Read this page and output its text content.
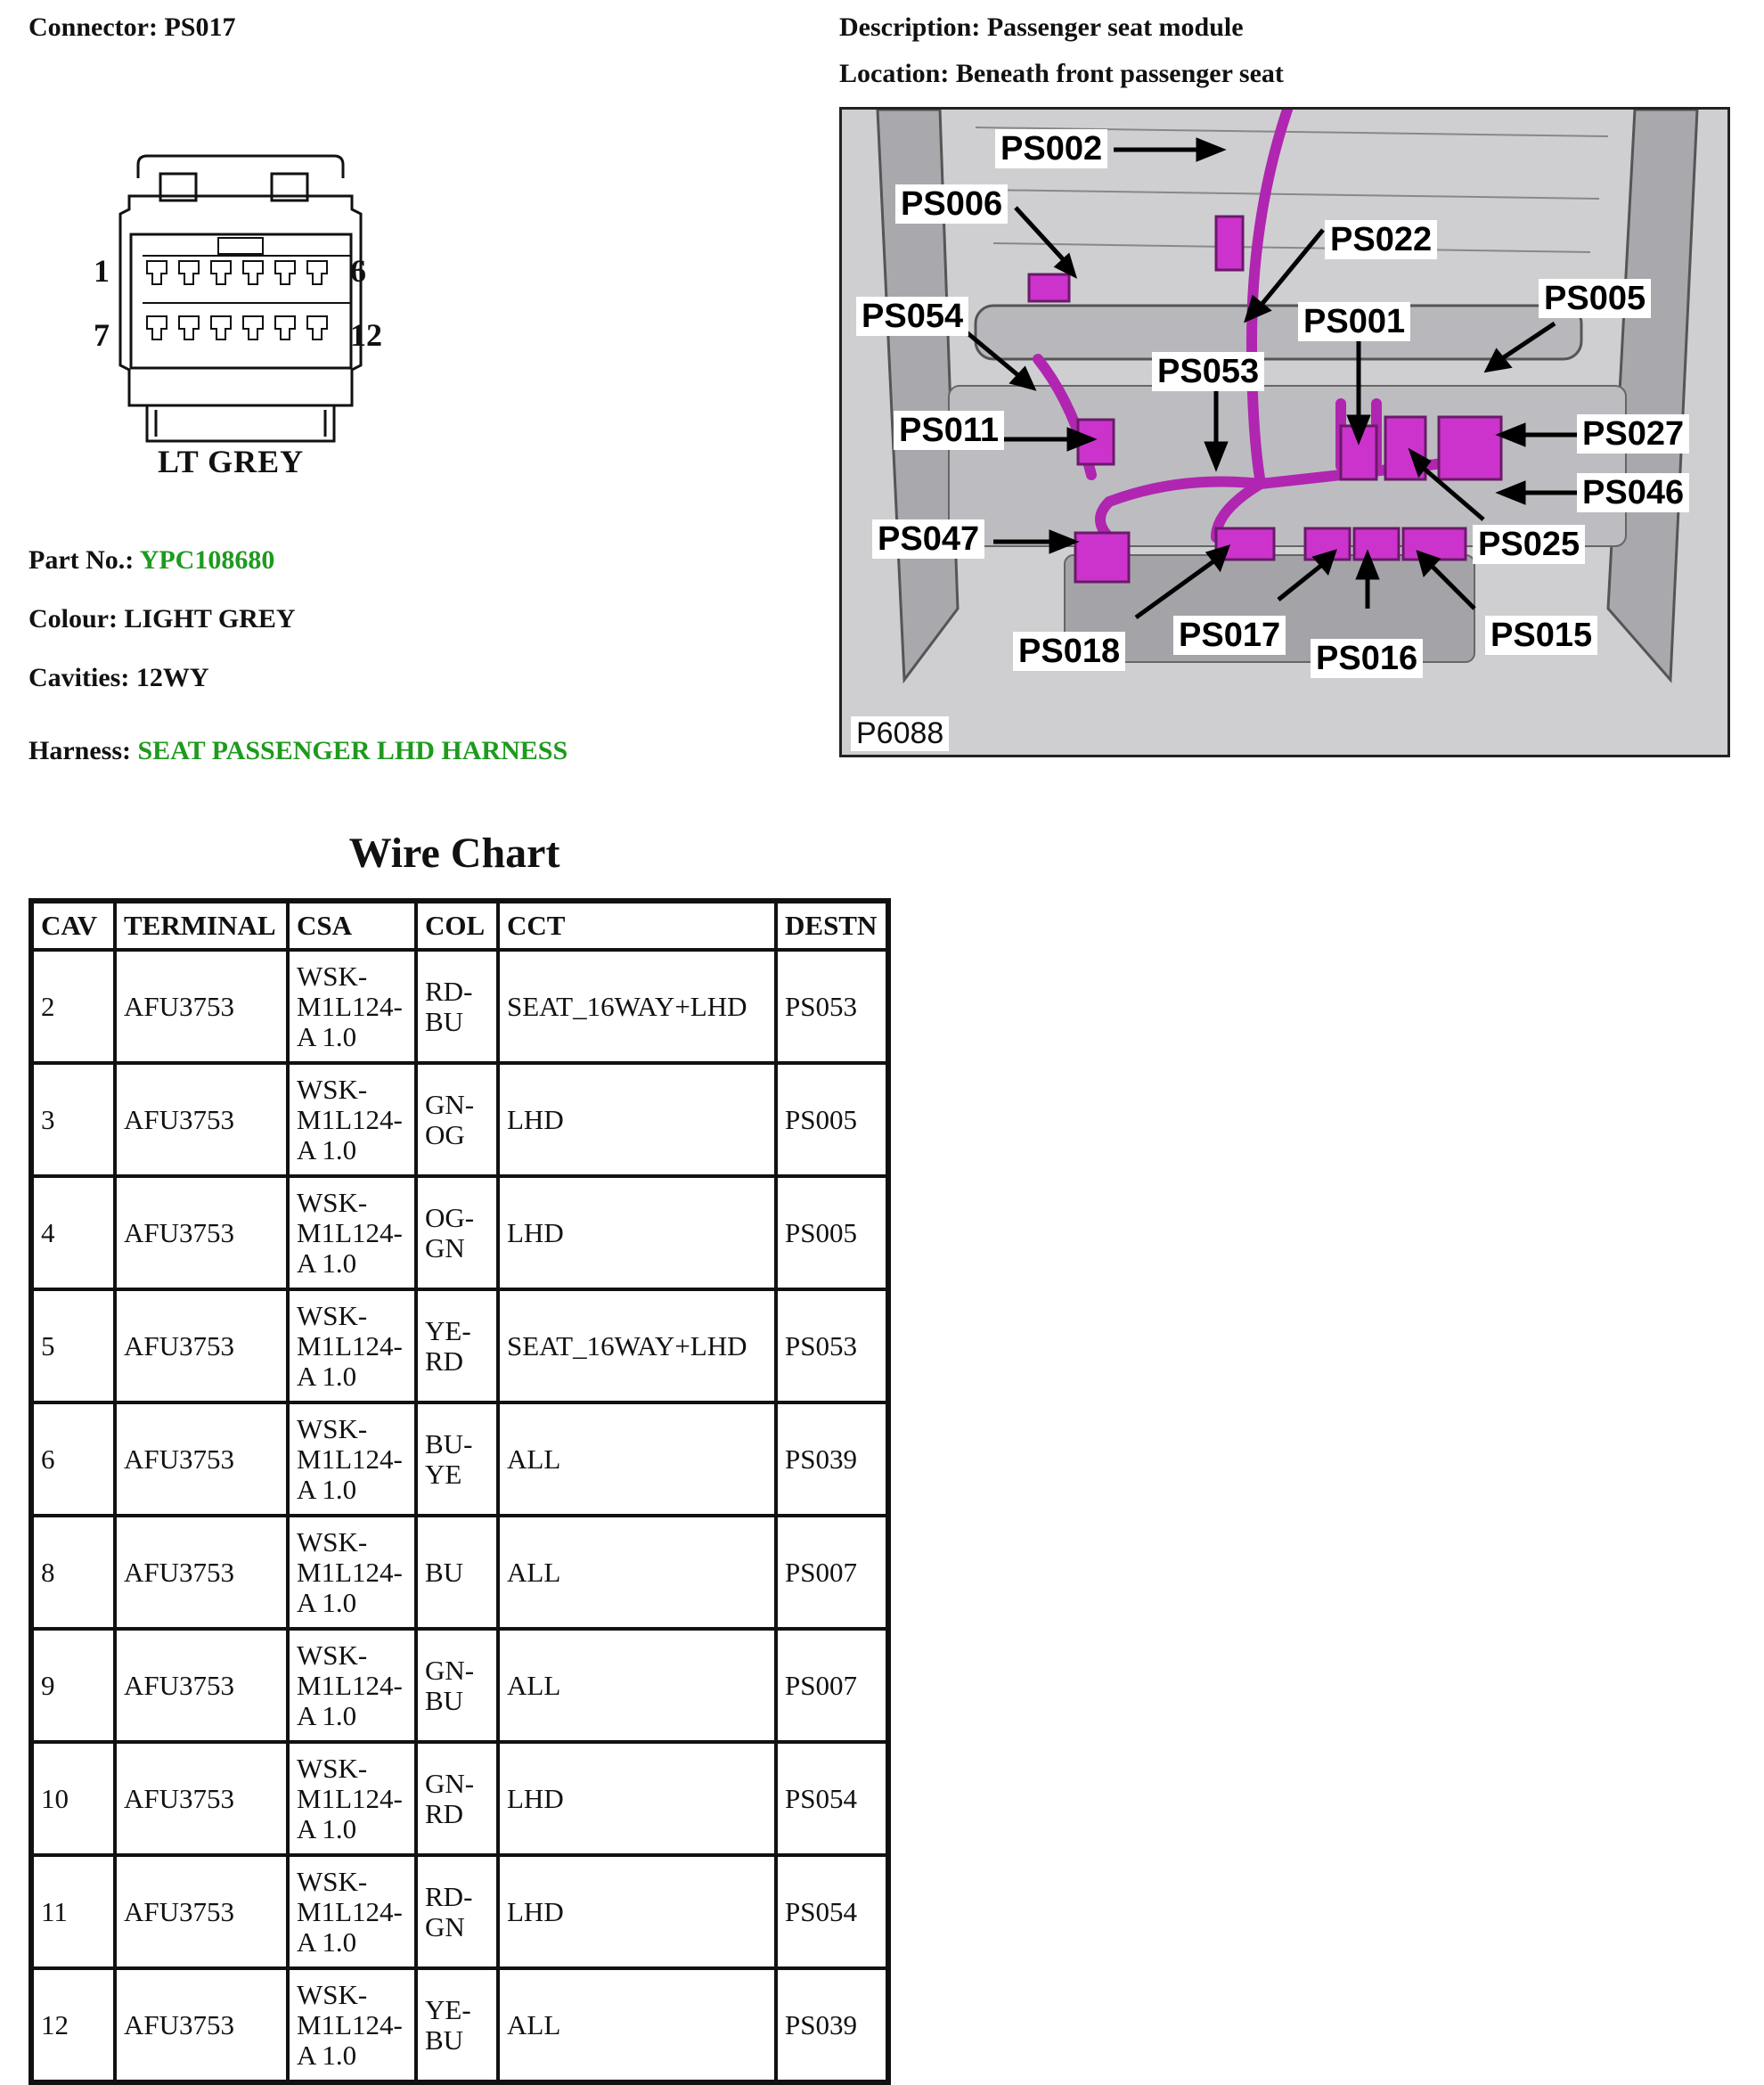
Connector: PS017	Description: Passenger seat module
Location: Beneath front passenger seat
1	6
7	12
LT GREY
Part No.: YPC108680
Colour: LIGHT GREY
Cavities: 12WY
Harness: SEAT PASSENGER LHD HARNESS
PS002
PS006
PS022
PS054	PS001
PS005
PS053
PS011	PS027
PS046
PS047	PS025
PS018 PS017
PS016
PS015
P6088
Wire Chart
CAV	TERMINAL	CSA	COL	CCT	DESTN
2	AFU3753	WSK- M1L124- A 1.0	RD- BU	SEAT_16WAY+LHD	PS053
3	AFU3753	WSK- M1L124- A 1.0	GN- OG	LHD	PS005
4	AFU3753	WSK- M1L124- A 1.0	OG- GN	LHD	PS005
5	AFU3753	WSK- M1L124- A 1.0	YE- RD	SEAT_16WAY+LHD	PS053
6	AFU3753	WSK- M1L124- A 1.0	BU- YE	ALL	PS039
8	AFU3753	WSK- M1L124- A 1.0	BU	ALL	PS007
9	AFU3753	WSK- M1L124- A 1.0	GN- BU	ALL	PS007
10	AFU3753	WSK- M1L124- A 1.0	GN- RD	LHD	PS054
11	AFU3753	WSK- M1L124- A 1.0	RD- GN	LHD	PS054
12	AFU3753	WSK- M1L124- A 1.0	YE- BU	ALL	PS039
